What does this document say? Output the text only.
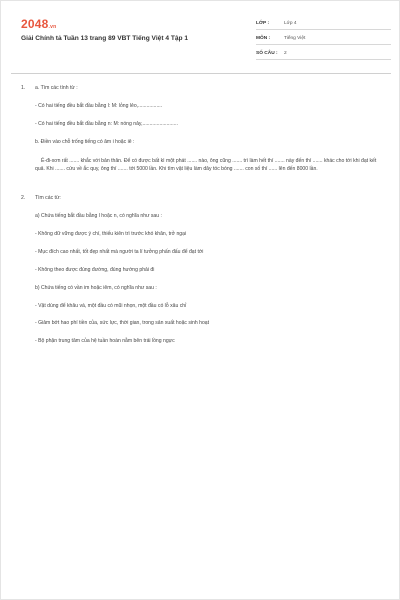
2048.vn
Giải Chính tả Tuần 13 trang 89 VBT Tiếng Việt 4 Tập 1
LỚP :	Lớp 4
MÔN :	Tiếng Việt
SỐ CÂU :	2
1.	a. Tìm các tính từ :
- Có hai tiếng đều bắt đầu bằng l: M: lỏng lẻo,.................
- Có hai tiếng đều bắt đầu bằng n: M: nóng nảy,.........................
b. Điền vào chỗ trống tiếng có âm i hoặc iê :
Ê-đi-xơn rất ....... khắc với bản thân. Để có được bất kì một phát ....... nào, ông cũng ....... trì làm hết thí ....... này đến thí ....... khác cho tới khi đạt kết quả. Khi ....... cứu về ắc quy, ông thí ....... tới 5000 lần. Khi tìm vật liệu làm dây tóc bóng ....... con số thí ...... lên đến 8000 lần.
2.	Tìm các từ:
a) Chứa tiếng bắt đầu bằng l hoặc n, có nghĩa như sau :
- Không dữ vững được ý chí, thiếu kiên trì trước khó khăn, trở ngại
- Mục đích cao nhất, tốt đẹp nhất mà người ta lí tưởng phấn đấu để đạt tới
- Không theo được đúng đường, đúng hướng phải đi
b) Chứa tiếng có vần im hoặc iêm, có nghĩa như sau :
- Vật dùng để khâu vá, một đầu có mũi nhọn, một đầu có lỗ xâu chỉ
- Giảm bớt hao phí tiền của, sức lực, thời gian, trong sản xuất hoặc sinh hoạt
- Bộ phận trung tâm của hệ tuần hoàn nằm bên trái lồng ngực
